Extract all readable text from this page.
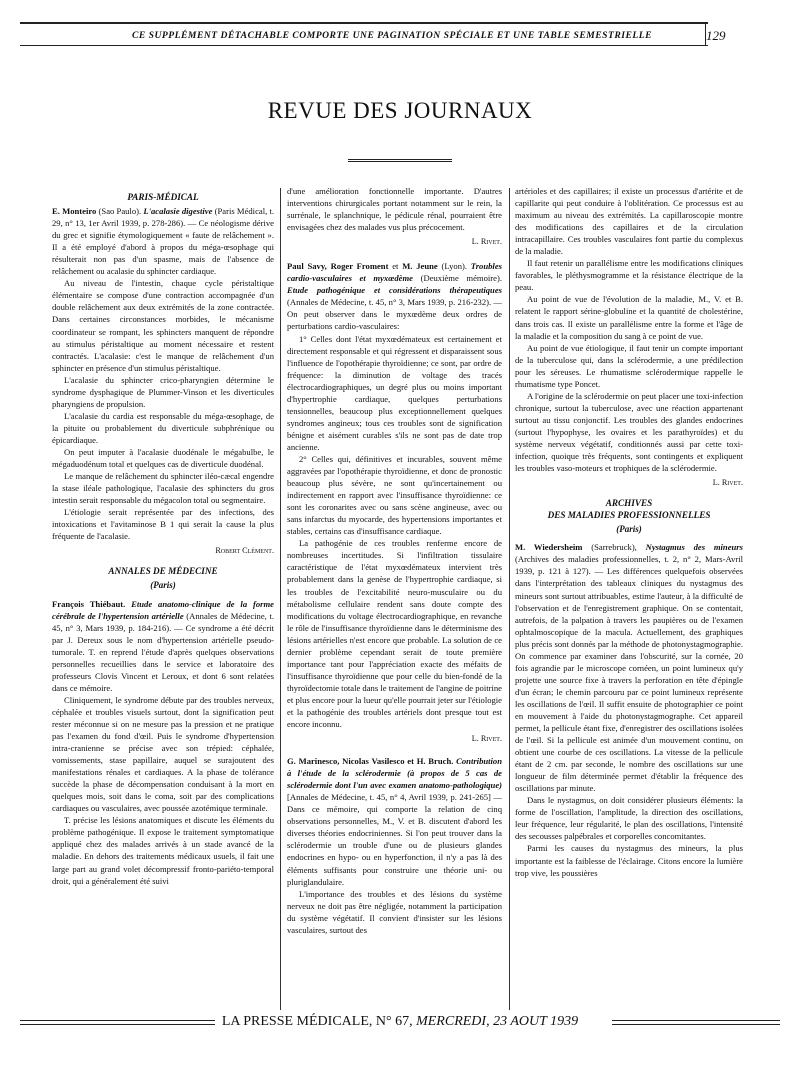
CE SUPPLÉMENT DÉTACHABLE COMPORTE UNE PAGINATION SPÉCIALE ET UNE TABLE SEMESTRIELLE	129
REVUE DES JOURNAUX
PARIS-MÉDICAL

E. Monteiro (Sao Paulo). L'acalasie digestive (Paris Médical, t. 29, n° 13, 1er Avril 1939, p. 278-286). — Ce néologisme dérive du grec et signifie étymologiquement « faute de relâchement ». Il a été employé d'abord à propos du méga-œsophage qui résulterait non pas d'un spasme, mais de l'absence de relâchement ou acalasie du sphincter cardiaque.

Au niveau de l'intestin, chaque cycle péristaltique élémentaire se compose d'une contraction accompagnée d'un double relâchement aux deux extrémités de la zone contractée. Dans certaines circonstances morbides, le mécanisme coordinateur se rompant, les sphincters manquent de répondre au stimulus péristaltique au moment nécessaire et restent contractés. L'acalasie: c'est le manque de relâchement d'un sphincter en présence d'un stimulus péristaltique.

L'acalasie du sphincter crico-pharyngien détermine le syndrome dysphagique de Plummer-Vinson et les diverticules pharyngiens de propulsion.

L'acalasie du cardia est responsable du méga-œsophage, de la pituite ou probablement du diverticule subphrénique ou épicardiaque.

On peut imputer à l'acalasie duodénale le mégabulbe, le mégaduodénum total et quelques cas de diverticule duodénal.

Le manque de relâchement du sphincter iléo-cæcal engendre la stase iléale pathologique, l'acalasie des sphincters du gros intestin serait responsable du mégacolon total ou segmentaire.

L'étiologie serait représentée par des infections, des intoxications et l'avitaminose B 1 qui serait la cause la plus fréquente de l'acalasie.

Robert Clément.
ANNALES DE MÉDECINE
(Paris)

François Thiébaut. Etude anatomo-clinique de la forme cérébrale de l'hypertension artérielle (Annales de Médecine, t. 45, n° 3, Mars 1939, p. 184-216). — Ce syndrome a été décrit par J. Dereux sous le nom d'hypertension artérielle pseudo-tumorale. T. en reprend l'étude d'après quelques observations personnelles recueillies dans le service et laboratoire des professeurs Clovis Vincent et Leroux, et dont 6 sont relatées dans ce mémoire.

Cliniquement, le syndrome débute par des troubles nerveux, céphalée et troubles visuels surtout, dont la signification peut rester méconnue si on ne mesure pas la pression et ne pratique pas l'examen du fond d'œil. Puis le syndrome d'hypertension intra-cranienne se précise avec son trépied: céphalée, vomissements, stase papillaire, auquel se surajoutent des manifestations rénales et cardiaques. A la phase de tolérance succède la phase de décompensation conduisant à la mort en quelques mois, soit dans le coma, soit par des complications cardiaques ou vasculaires, avec poussée azotémique terminale.

T. précise les lésions anatomiques et discute les éléments du problème pathogénique. Il expose le traitement symptomatique appliqué chez des malades arrivés à un stade avancé de la maladie. En dehors des traitements médicaux usuels, il fait une large part au grand volet décompressif fronto-pariéto-temporal droit, qui a généralement été suivi

d'une amélioration fonctionnelle importante. D'autres interventions chirurgicales portant notamment sur le rein, la surrénale, le splanchnique, le pédicule rénal, pourraient être envisagées chez des malades vus plus précocement.

L. Rivet.

Paul Savy, Roger Froment et M. Jeune (Lyon). Troubles cardio-vasculaires et myxœdème (Deuxième mémoire). Etude pathogénique et considérations thérapeutiques (Annales de Médecine, t. 45, n° 3, Mars 1939, p. 216-232). — On peut observer dans le myxœdème deux ordres de perturbations cardio-vasculaires:

1° Celles dont l'état myxœdémateux est certainement et directement responsable et qui régressent et disparaissent sous l'influence de l'opothérapie thyroïdienne; ce sont, par ordre de fréquence: la diminution de voltage des tracés électrocardiographiques, un degré plus ou moins important d'hypertrophie cardiaque, quelques perturbations tensionnelles, beaucoup plus exceptionnellement quelques syndromes angineux; tous ces troubles sont de signification bénigne et aisément curables s'ils ne sont pas de date trop ancienne.

2° Celles qui, définitives et incurables, souvent même aggravées par l'opothérapie thyroïdienne, et donc de pronostic beaucoup plus sévère, ne sont qu'incertainement ou indirectement en rapport avec l'insuffisance thyroïdienne: ce sont les coronarites avec ou sans scène angineuse, avec ou sans infarctus du myocarde, des hypertensions importantes et stables, certains cas d'insuffisance cardiaque.

La pathogénie de ces troubles renferme encore de nombreuses incertitudes. Si l'infiltration tissulaire caractéristique de l'état myxœdémateux intervient très probablement dans la genèse de l'hypertrophie cardiaque, si les troubles de l'excitabilité neuro-musculaire ou du métabolisme cellulaire rendent sans doute compte des modifications du voltage électrocardiographique, en revanche le rôle de l'insuffisance thyroïdienne dans le déterminisme des lésions artérielles n'est encore que probable. La solution de ce dernier problème cependant serait de toute première importance tant pour l'appréciation exacte des méfaits de l'insuffisance thyroïdienne que pour celle du bien-fondé de la thyroïdectomie totale dans le traitement de l'angine de poitrine et plus encore pour la lueur qu'elle pourrait jeter sur l'étiologie et la pathogénie des troubles artériels dont presque tout est encore inconnu.

L. Rivet.

G. Marinesco, Nicolas Vasilesco et H. Bruch. Contribution à l'étude de la sclérodermie (à propos de 5 cas de sclérodermie dont l'un avec examen anatomo-pathologique) [Annales de Médecine, t. 45, n° 4, Avril 1939, p. 241-265] — Dans ce mémoire, qui comporte la relation de cinq observations personnelles, M., V. et B. discutent d'abord les diverses théories endocriniennes. Si l'on peut trouver dans la sclérodermie un trouble d'une ou de plusieurs glandes endocrines en hypo- ou en hyperfonction, il n'y a pas là des éléments suffisants pour construire une théorie uni- ou pluriglandulaire.

L'importance des troubles et des lésions du système nerveux ne doit pas être négligée, notamment la participation du système végétatif. Il convient d'insister sur les lésions vasculaires, surtout des

artérioles et des capillaires; il existe un processus d'artérite et de capillarite qui peut conduire à l'oblitération. Ce processus est au maximum au niveau des extrémités. La capillaroscopie montre des modifications des capillaires et de la circulation intracapillaire. Ces troubles vasculaires font partie du complexus de la maladie.

Il faut retenir un parallélisme entre les modifications cliniques favorables, le pléthysmogramme et la résistance électrique de la peau.

Au point de vue de l'évolution de la maladie, M., V. et B. relatent le rapport sérine-globuline et la quantité de cholestérine, dans trois cas. Il existe un parallélisme entre la forme et l'âge de la maladie et la composition du sang à ce point de vue.

Au point de vue étiologique, il faut tenir un compte important de la tuberculose qui, dans la sclérodermie, a une prédilection pour les séreuses. Le rhumatisme sclérodermique rappelle le rhumatisme type Poncet.

A l'origine de la sclérodermie on peut placer une toxi-infection chronique, surtout la tuberculose, avec une réaction appartenant surtout au tissu conjonctif. Les troubles des glandes endocrines (surtout l'hypophyse, les ovaires et les parathyroïdes) et du système nerveux végétatif, conditionnés aussi par cette toxi-infection, quoique très fréquents, sont contingents et expliquent les troubles vaso-moteurs et trophiques de la sclérodermie.

L. Rivet.
ARCHIVES
DES MALADIES PROFESSIONNELLES
(Paris)

M. Wiedersheim (Sarrebruck), Nystagmus des mineurs (Archives des maladies professionnelles, t. 2, n° 2, Mars-Avril 1939, p. 121 à 127). — Les différences quelquefois observées dans l'interprétation des tableaux cliniques du nystagmus des mineurs sont surtout attribuables, estime l'auteur, à la difficulté de l'observation et de l'enregistrement graphique. On se contentait, autrefois, de la palpation à travers les paupières ou de l'examen ophtalmoscopique de la macula. Actuellement, des graphiques plus précis sont donnés par la méthode de photonystagmographie. On commence par examiner dans l'obscurité, sur la cornée, 20 fois agrandie par le microscope cornéen, un point lumineux qu'y projette une source fixe à travers la perforation en tête d'épingle d'un écran; le chemin parcouru par ce point lumineux représente les oscillations de l'œil. Il suffit ensuite de photographier ce point en mouvement à l'aide du photonystagmographe. Cet appareil permet, la pellicule étant fixe, d'enregistrer des oscillations isolées de l'œil. Si la pellicule est animée d'un mouvement continu, on obtient une courbe de ces oscillations. La vitesse de la pellicule étant de 2 cm. par seconde, le nombre des oscillations sur une longueur de film déterminée permet d'établir la fréquence des oscillations par minute.

Dans le nystagmus, on doit considérer plusieurs éléments: la forme de l'oscillation, l'amplitude, la direction des oscillations, leur fréquence, leur régularité, le plan des oscillations, l'intensité des secousses palpébrales et corporelles concomitantes.

Parmi les causes du nystagmus des mineurs, la plus importante est la faiblesse de l'éclairage. Citons encore la lumière trop vive, les poussières

LA PRESSE MÉDICALE, N° 67, MERCREDI, 23 AOUT 1939
